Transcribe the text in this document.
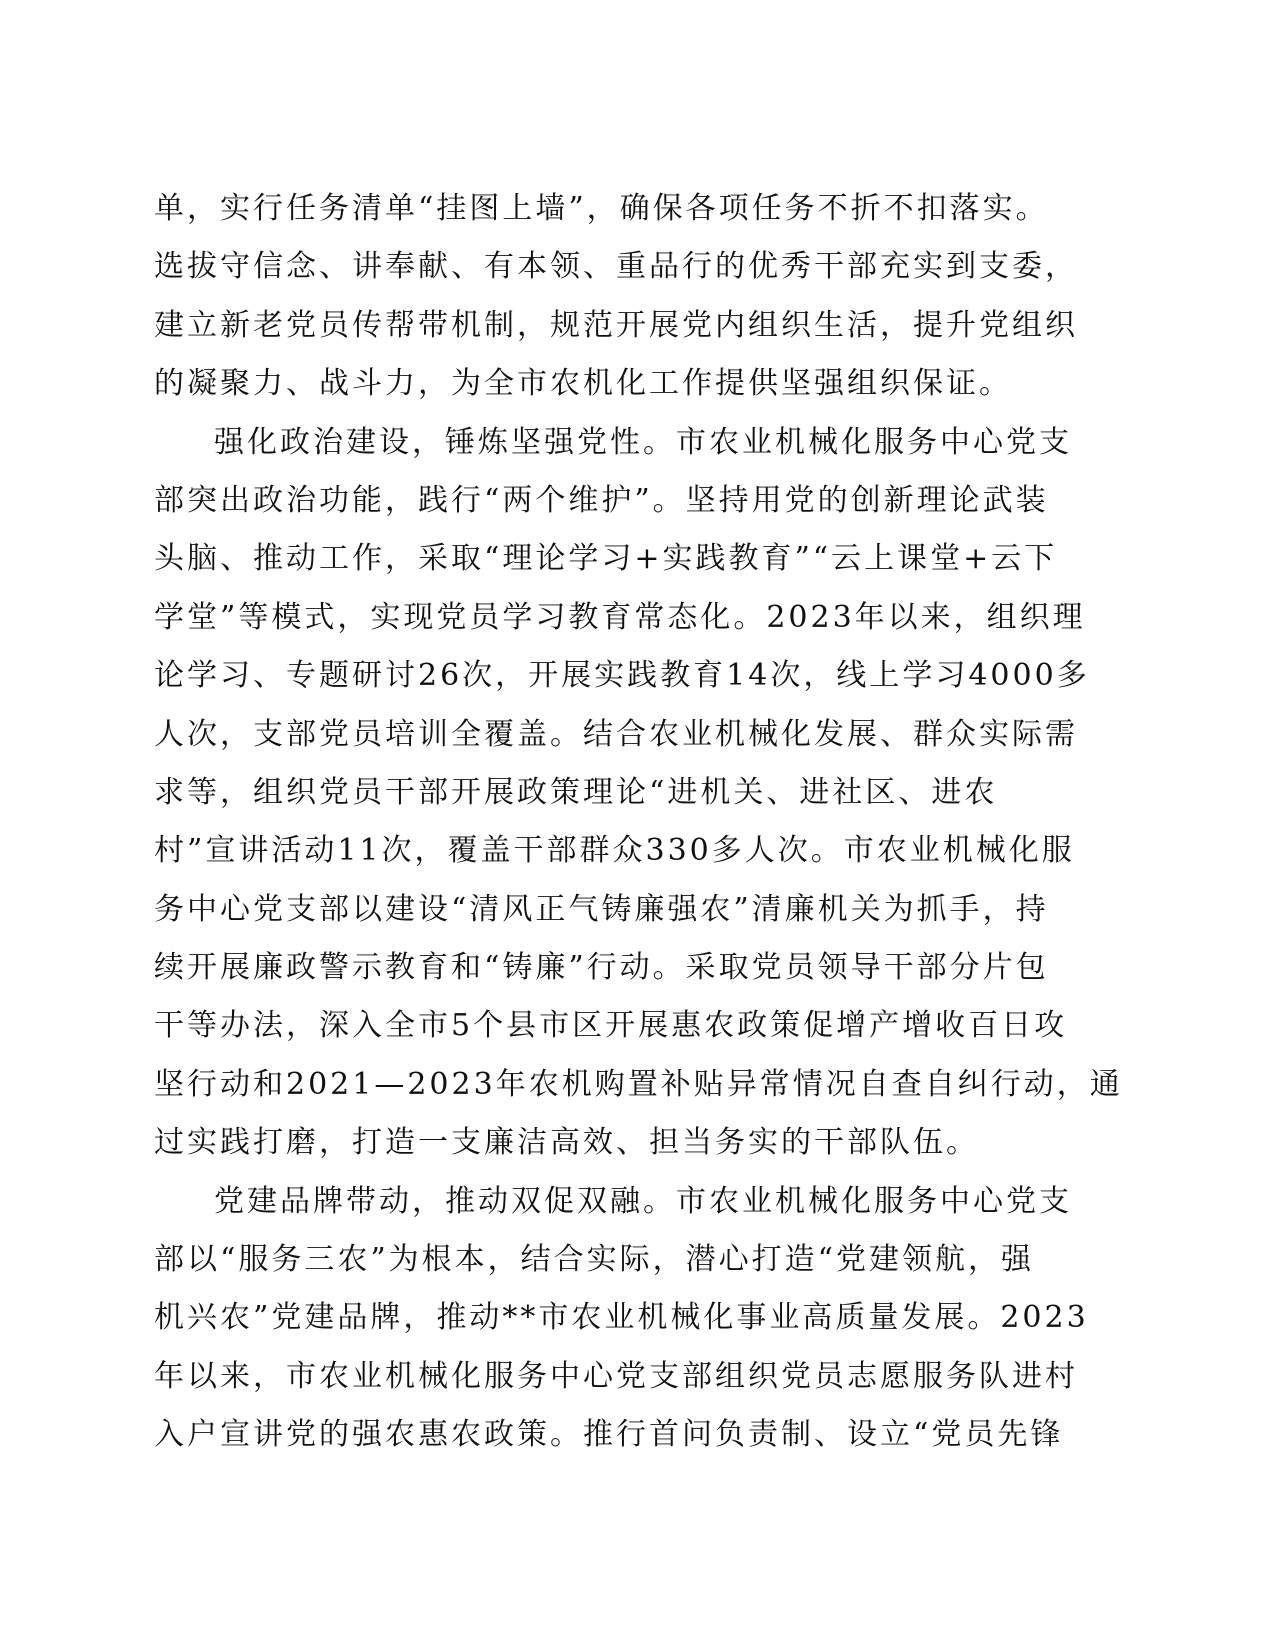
单，实行任务清单“挂图上墙”，确保各项任务不折不扣落实。
选拔守信念、讲奉献、有本领、重品行的优秀干部充实到支委，
建立新老党员传帮带机制，规范开展党内组织生活，提升党组织
的凝聚力、战斗力，为全市农机化工作提供坚强组织保证。
强化政治建设，锤炼坚强党性。市农业机械化服务中心党支
部突出政治功能，践行“两个维护”。坚持用党的创新理论武装
头脑、推动工作，采取“理论学习+实践教育”“云上课堂+云下
学堂”等模式，实现党员学习教育常态化。2023年以来，组织理
论学习、专题研讨26次，开展实践教育14次，线上学习4000多
人次，支部党员培训全覆盖。结合农业机械化发展、群众实际需
求等，组织党员干部开展政策理论“进机关、进社区、进农
村”宣讲活动11次，覆盖干部群众330多人次。市农业机械化服
务中心党支部以建设“清风正气铸廉强农”清廉机关为抓手，持
续开展廉政警示教育和“铸廉”行动。采取党员领导干部分片包
干等办法，深入全市5个县市区开展惠农政策促增产增收百日攻
坚行动和2021—2023年农机购置补贴异常情况自查自纠行动，通
过实践打磨，打造一支廉洁高效、担当务实的干部队伍。
党建品牌带动，推动双促双融。市农业机械化服务中心党支
部以“服务三农”为根本，结合实际，潜心打造“党建领航，强
机兴农”党建品牌，推动**市农业机械化事业高质量发展。2023
年以来，市农业机械化服务中心党支部组织党员志愿服务队进村
入户宣讲党的强农惠农政策。推行首问负责制、设立“党员先锋
